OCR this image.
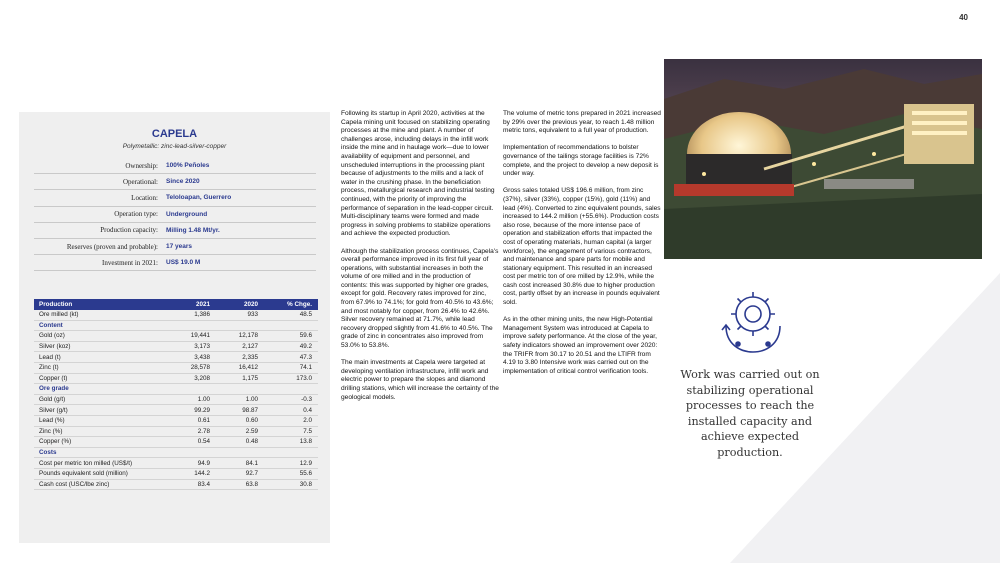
40
CAPELA
Polymetallic: zinc-lead-silver-copper
Ownership:	100% Peñoles
Operational:	Since 2020
Location:	Teloloapan, Guerrero
Operation type:	Underground
Production capacity:	Milling 1.48 Mt/yr.
Reserves (proven and probable):	17 years
Investment in 2021:	US$ 19.0 M
Production	2021	2020	% Chge.
Ore milled (kt)	1,386	933	48.5
Content
Gold (oz)	19,441	12,178	59.6
Silver (koz)	3,173	2,127	49.2
Lead (t)	3,438	2,335	47.3
Zinc (t)	28,578	16,412	74.1
Copper (t)	3,208	1,175	173.0
Ore grade
Gold (g/t)	1.00	1.00	-0.3
Silver (g/t)	99.29	98.87	0.4
Lead (%)	0.61	0.60	2.0
Zinc (%)	2.78	2.59	7.5
Copper (%)	0.54	0.48	13.8
Costs
Cost per metric ton milled (US$/t)	94.9	84.1	12.9
Pounds equivalent sold (million)	144.2	92.7	55.6
Cash cost (USC/lbe zinc)	83.4	63.8	30.8

Following its startup in April 2020, activities at the Capela mining unit focused on stabilizing operating processes at the mine and plant. A number of challenges arose, including delays in the infill work inside the mine and in haulage work—due to lower availability of equipment and personnel, and unscheduled interruptions in the processing plant because of adjustments to the mills and a lack of water in the crushing phase. In the beneficiation process, metallurgical research and industrial testing continued, with the priority of improving the performance of separation in the lead-copper circuit. Multi-disciplinary teams were formed and made progress in solving problems to stabilize operations and achieve the expected production.

Although the stabilization process continues, Capela's overall performance improved in its first full year of operations, with substantial increases in both the volume of ore milled and in the production of contents: this was supported by higher ore grades, except for gold. Recovery rates improved for zinc, from 67.9% to 74.1%; for gold from 40.5% to 43.6%; and most notably for copper, from 26.4% to 42.6%. Silver recovery remained at 71.7%, while lead recovery dropped slightly from 41.6% to 40.5%. The grade of zinc in concentrates also improved from 53.0% to 53.8%.

The main investments at Capela were targeted at developing ventilation infrastructure, infill work and electric power to prepare the slopes and diamond drilling stations, which will increase the certainty of the geological models.

The volume of metric tons prepared in 2021 increased by 29% over the previous year, to reach 1.48 million metric tons, equivalent to a full year of production.

Implementation of recommendations to bolster governance of the tailings storage facilities is 72% complete, and the project to develop a new deposit is under way.

Gross sales totaled US$ 196.6 million, from zinc (37%), silver (33%), copper (15%), gold (11%) and lead (4%). Converted to zinc equivalent pounds, sales increased to 144.2 million (+55.6%). Production costs also rose, because of the more intense pace of operation and stabilization efforts that impacted the cost of operating materials, human capital (a larger workforce), the engagement of various contractors, and maintenance and spare parts for mobile and stationary equipment. This resulted in an increased cost per metric ton of ore milled by 12.9%, while the cash cost increased 30.8% due to higher production cost, partly offset by an increase in pounds equivalent sold.

As in the other mining units, the new High-Potential Management System was introduced at Capela to improve safety performance. At the close of the year, safety indicators showed an improvement over 2020: the TRIFR from 30.17 to 20.51 and the LTIFR from 4.19 to 3.80 Intensive work was carried out on the implementation of critical control verification tools.	Work was carried out on stabilizing operational processes to reach the installed capacity and achieve expected production.
